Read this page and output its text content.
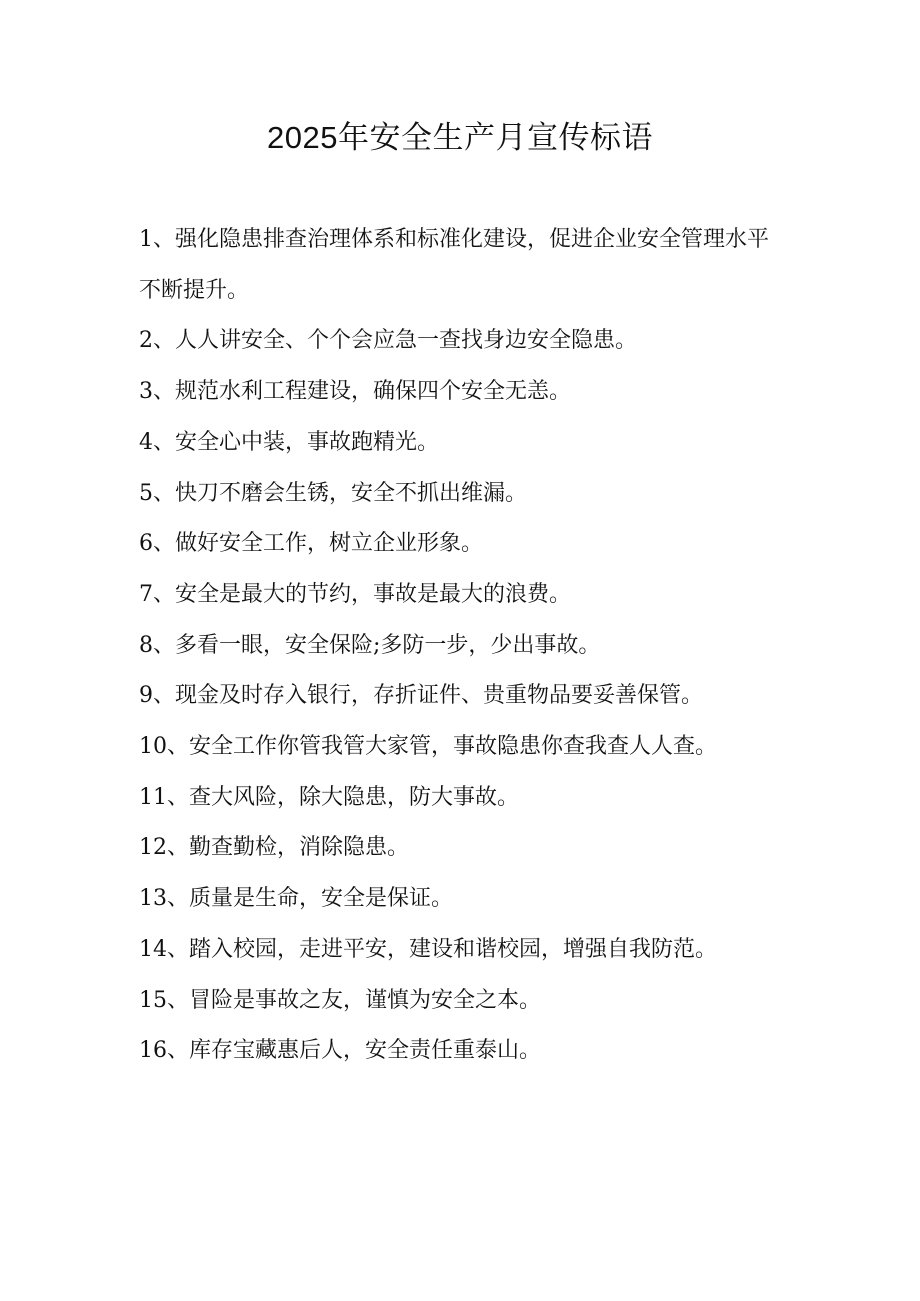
2025年安全生产月宣传标语
1、强化隐患排查治理体系和标准化建设，促进企业安全管理水平不断提升。
2、人人讲安全、个个会应急一查找身边安全隐患。
3、规范水利工程建设，确保四个安全无恙。
4、安全心中装，事故跑精光。
5、快刀不磨会生锈，安全不抓出维漏。
6、做好安全工作，树立企业形象。
7、安全是最大的节约，事故是最大的浪费。
8、多看一眼，安全保险;多防一步，少出事故。
9、现金及时存入银行，存折证件、贵重物品要妥善保管。
10、安全工作你管我管大家管，事故隐患你查我查人人查。
11、查大风险，除大隐患，防大事故。
12、勤查勤检，消除隐患。
13、质量是生命，安全是保证。
14、踏入校园，走进平安，建设和谐校园，增强自我防范。
15、冒险是事故之友，谨慎为安全之本。
16、库存宝藏惠后人，安全责任重泰山。
